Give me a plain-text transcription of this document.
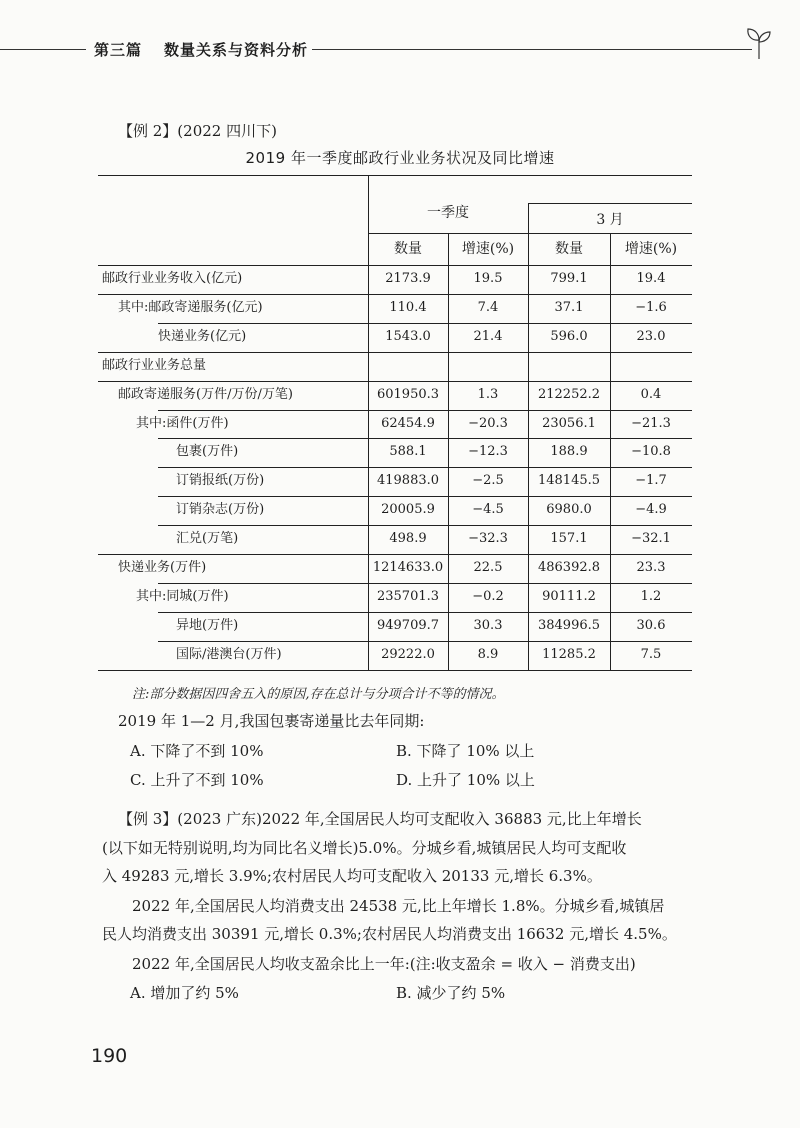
第三篇 数量关系与资料分析
【例 2】(2022 四川下)
2019 年一季度邮政行业业务状况及同比增速
一季度	3 月
数量	增速(%)	数量	增速(%)
邮政行业业务收入(亿元)	2173.9	19.5	799.1	19.4
其中:邮政寄递服务(亿元)	110.4	7.4	37.1	−1.6
快递业务(亿元)	1543.0	21.4	596.0	23.0
邮政行业业务总量
邮政寄递服务(万件/万份/万笔)	601950.3	1.3	212252.2	0.4
其中:函件(万件)	62454.9	−20.3	23056.1	−21.3
包裹(万件)	588.1	−12.3	188.9	−10.8
订销报纸(万份)	419883.0	−2.5	148145.5	−1.7
订销杂志(万份)	20005.9	−4.5	6980.0	−4.9
汇兑(万笔)	498.9	−32.3	157.1	−32.1
快递业务(万件)	1214633.0	22.5	486392.8	23.3
其中:同城(万件)	235701.3	−0.2	90111.2	1.2
异地(万件)	949709.7	30.3	384996.5	30.6
国际/港澳台(万件)	29222.0	8.9	11285.2	7.5
注:部分数据因四舍五入的原因,存在总计与分项合计不等的情况。
2019 年 1—2 月,我国包裹寄递量比去年同期:
A. 下降了不到 10%	B. 下降了 10% 以上
C. 上升了不到 10%	D. 上升了 10% 以上
【例 3】(2023 广东)2022 年,全国居民人均可支配收入 36883 元,比上年增长
(以下如无特别说明,均为同比名义增长)5.0%。分城乡看,城镇居民人均可支配收
入 49283 元,增长 3.9%;农村居民人均可支配收入 20133 元,增长 6.3%。
2022 年,全国居民人均消费支出 24538 元,比上年增长 1.8%。分城乡看,城镇居
民人均消费支出 30391 元,增长 0.3%;农村居民人均消费支出 16632 元,增长 4.5%。
2022 年,全国居民人均收支盈余比上一年:(注:收支盈余 = 收入 − 消费支出)
A. 增加了约 5%	B. 减少了约 5%
190
